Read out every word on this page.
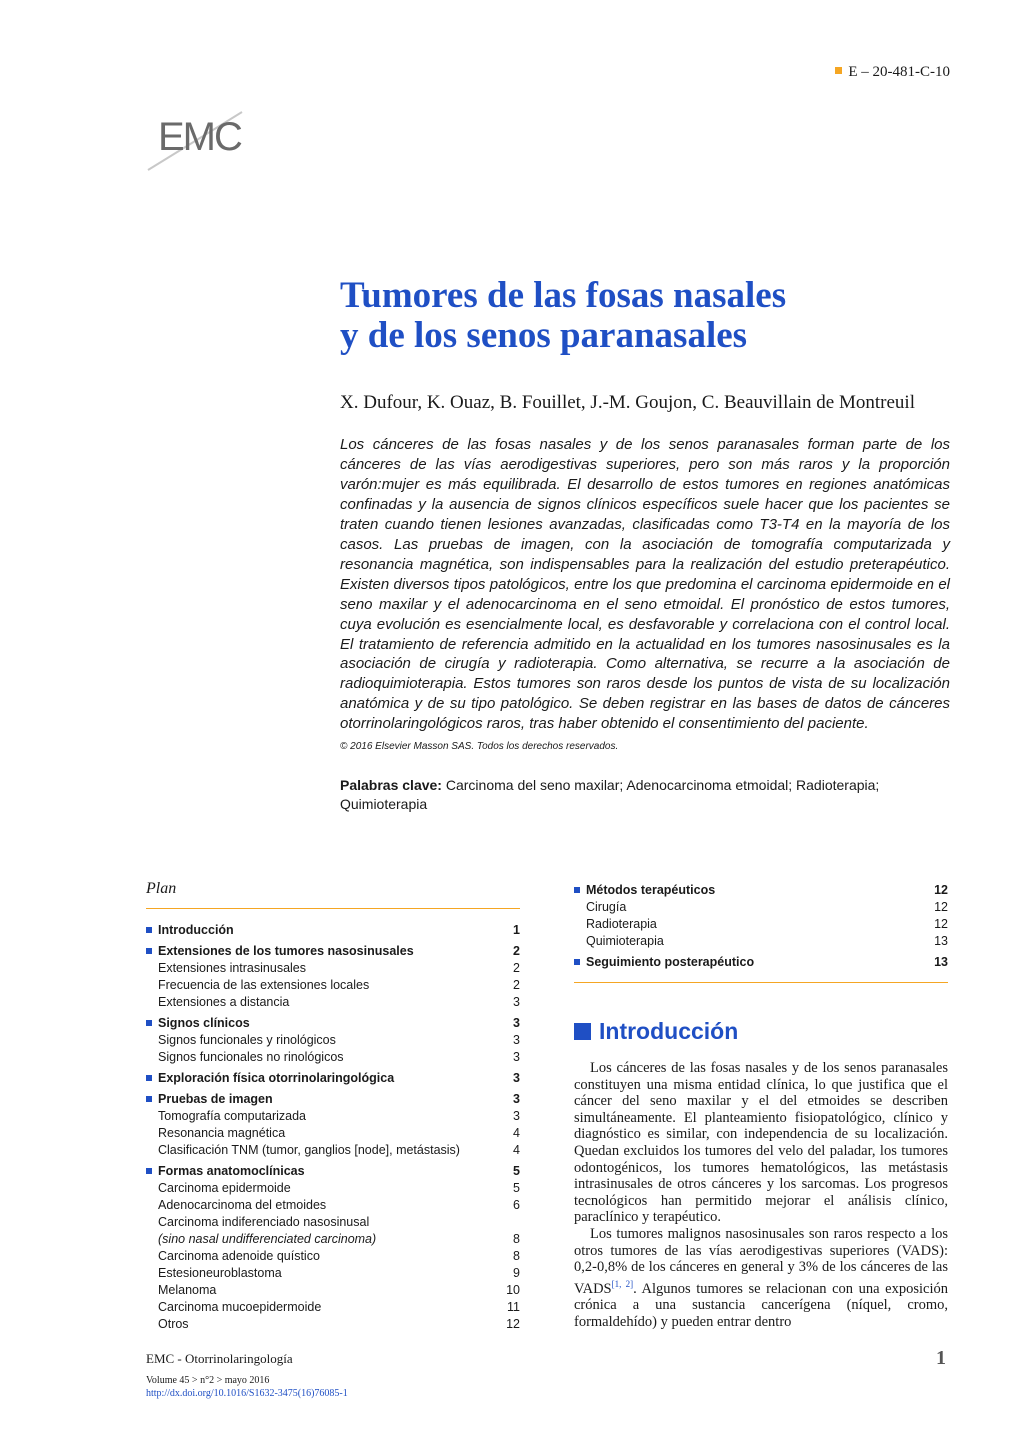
E – 20-481-C-10
EMC
Tumores de las fosas nasales
y de los senos paranasales
X. Dufour, K. Ouaz, B. Fouillet, J.-M. Goujon, C. Beauvillain de Montreuil

Los cánceres de las fosas nasales y de los senos paranasales forman parte de los cánceres de las vías aerodigestivas superiores, pero son más raros y la proporción varón:mujer es más equilibrada. El desarrollo de estos tumores en regiones anatómicas confinadas y la ausencia de signos clínicos específicos suele hacer que los pacientes se traten cuando tienen lesiones avanzadas, clasificadas como T3-T4 en la mayoría de los casos. Las pruebas de imagen, con la asociación de tomografía computarizada y resonancia magnética, son indispensables para la realización del estudio preterapéutico. Existen diversos tipos patológicos, entre los que predomina el carcinoma epidermoide en el seno maxilar y el adenocarcinoma en el seno etmoidal. El pronóstico de estos tumores, cuya evolución es esencialmente local, es desfavorable y correlaciona con el control local. El tratamiento de referencia admitido en la actualidad en los tumores nasosinusales es la asociación de cirugía y radioterapia. Como alternativa, se recurre a la asociación de radioquimioterapia. Estos tumores son raros desde los puntos de vista de su localización anatómica y de su tipo patológico. Se deben registrar en las bases de datos de cánceres otorrinolaringológicos raros, tras haber obtenido el consentimiento del paciente.

© 2016 Elsevier Masson SAS. Todos los derechos reservados.
Palabras clave: Carcinoma del seno maxilar; Adenocarcinoma etmoidal; Radioterapia; Quimioterapia
Plan
Introducción	1
Extensiones de los tumores nasosinusales	2
Extensiones intrasinusales	2
Frecuencia de las extensiones locales	2
Extensiones a distancia	3
Signos clínicos	3
Signos funcionales y rinológicos	3
Signos funcionales no rinológicos	3
Exploración física otorrinolaringológica	3
Pruebas de imagen	3
Tomografía computarizada	3
Resonancia magnética	4
Clasificación TNM (tumor, ganglios [node], metástasis)	4
Formas anatomoclínicas	5
Carcinoma epidermoide	5
Adenocarcinoma del etmoides	6
Carcinoma indiferenciado nasosinusal
(sino nasal undifferenciated carcinoma)	8
Carcinoma adenoide quístico	8
Estesioneuroblastoma	9
Melanoma	10
Carcinoma mucoepidermoide	11
Otros	12
Métodos terapéuticos	12
Cirugía	12
Radioterapia	12
Quimioterapia	13
Seguimiento posterapéutico	13
Introducción

Los cánceres de las fosas nasales y de los senos paranasales constituyen una misma entidad clínica, lo que justifica que el cáncer del seno maxilar y el del etmoides se describen simultáneamente. El planteamiento fisiopatológico, clínico y diagnóstico es similar, con independencia de su localización. Quedan excluidos los tumores del velo del paladar, los tumores odontogénicos, los tumores hematológicos, las metástasis intrasinusales de otros cánceres y los sarcomas. Los progresos tecnológicos han permitido mejorar el análisis clínico, paraclínico y terapéutico.

Los tumores malignos nasosinusales son raros respecto a los otros tumores de las vías aerodigestivas superiores (VADS): 0,2-0,8% de los cánceres en general y 3% de los cánceres de las VADS[1, 2]. Algunos tumores se relacionan con una exposición crónica a una sustancia cancerígena (níquel, cromo, formaldehído) y pueden entrar dentro

EMC - Otorrinolaringología	1
Volume 45 > n°2 > mayo 2016
http://dx.doi.org/10.1016/S1632-3475(16)76085-1
